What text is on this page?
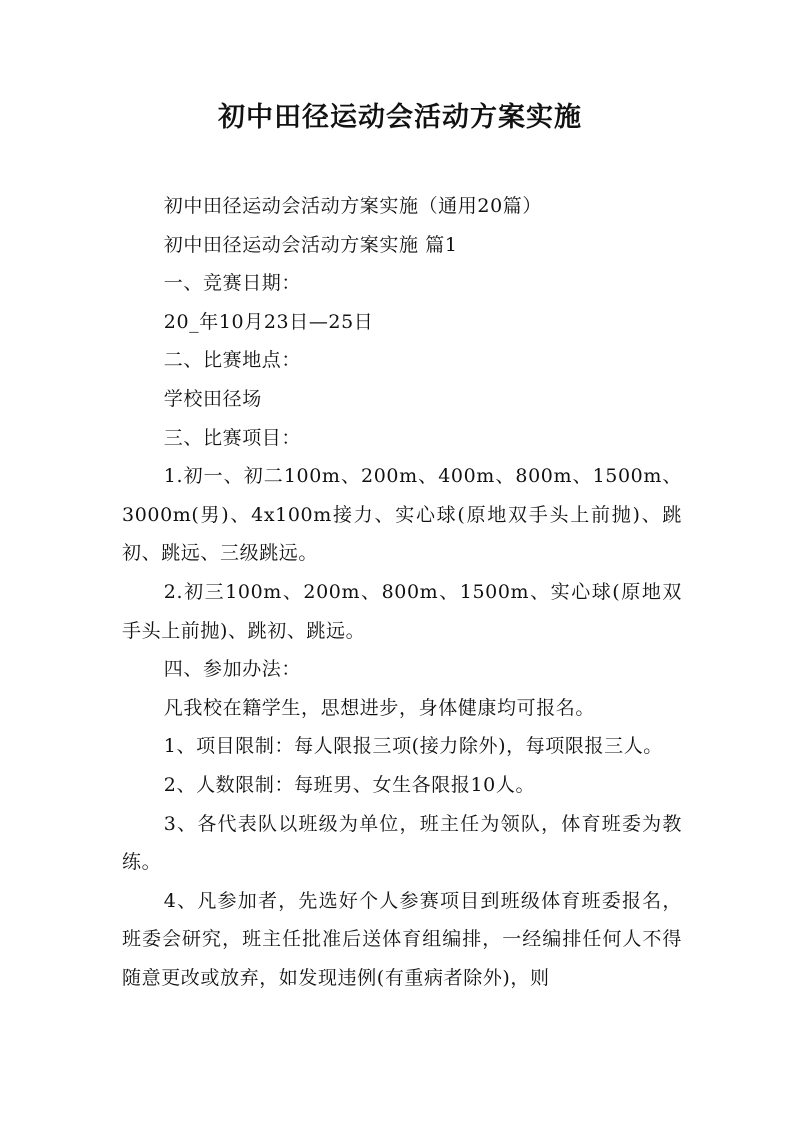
初中田径运动会活动方案实施

初中田径运动会活动方案实施（通用20篇）

初中田径运动会活动方案实施 篇1

一、竞赛日期：

20_年10月23日—25日

二、比赛地点：

学校田径场

三、比赛项目：

1.初一、初二100m、200m、400m、800m、1500m、3000m(男)、4x100m接力、实心球(原地双手头上前抛)、跳初、跳远、三级跳远。

2.初三100m、200m、800m、1500m、实心球(原地双手头上前抛)、跳初、跳远。

四、参加办法：

凡我校在籍学生，思想进步，身体健康均可报名。

1、项目限制：每人限报三项(接力除外)，每项限报三人。

2、人数限制：每班男、女生各限报10人。

3、各代表队以班级为单位，班主任为领队，体育班委为教练。

4、凡参加者，先选好个人参赛项目到班级体育班委报名，班委会研究，班主任批准后送体育组编排，一经编排任何人不得随意更改或放弃，如发现违例(有重病者除外)，则
